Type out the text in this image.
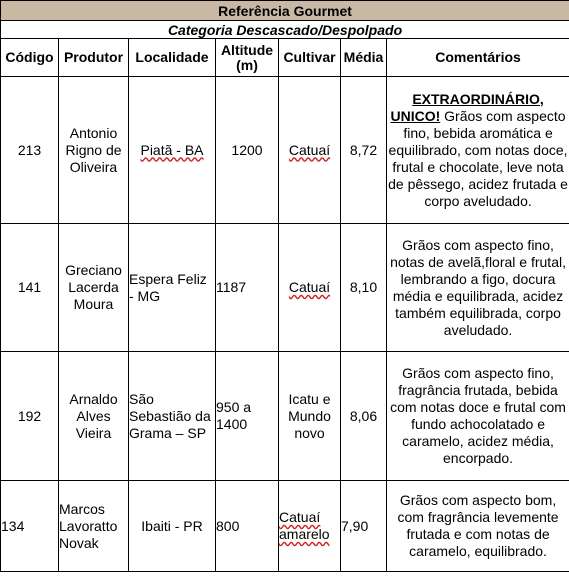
Referência Gourmet						
Categoria Descascado/Despolpado						
Código	Produtor	Localidade	Altitude (m)	Cultivar	Média	Comentários
213	Antonio Rigno de Oliveira	Piatã - BA	1200	Catuaí	8,72	EXTRAORDINÁRIO, UNICO! Grãos com aspecto fino, bebida aromática e equilibrado, com notas doce, frutal e chocolate, leve nota de pêssego, acidez frutada e corpo aveludado.
141	Greciano Lacerda Moura	Espera Feliz - MG	1187	Catuaí	8,10	Grãos com aspecto fino, notas de avelã,floral e frutal, lembrando a figo, docura média e equilibrada, acidez também equilibrada, corpo aveludado.
192	Arnaldo Alves Vieira	São Sebastião da Grama – SP	950 a 1400	Icatu e Mundo novo	8,06	Grãos com aspecto fino, fragrância frutada, bebida com notas doce e frutal com fundo achocolatado e caramelo, acidez média, encorpado.
134	Marcos Lavoratto Novak	Ibaiti - PR	800	Catuaí amarelo	7,90	Grãos com aspecto bom, com fragrância levemente frutada e com notas de caramelo, equilibrado.
